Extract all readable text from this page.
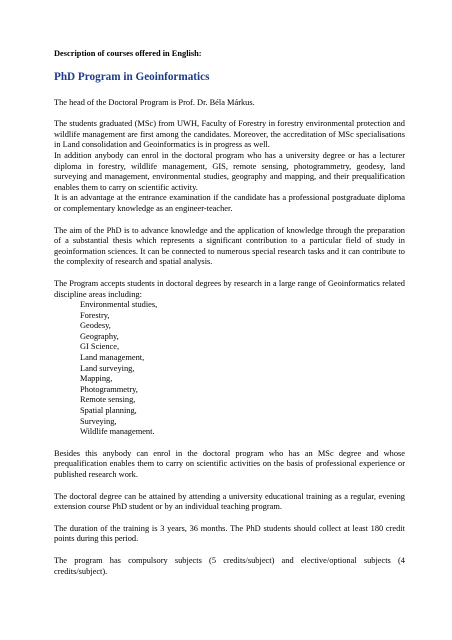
Description of courses offered in English:
PhD Program in Geoinformatics

The head of the Doctoral Program is Prof. Dr. Béla Márkus.

The students graduated (MSc) from UWH, Faculty of Forestry in forestry environmental protection and wildlife management are first among the candidates. Moreover, the accreditation of MSc specialisations in Land consolidation and Geoinformatics is in progress as well.

In addition anybody can enrol in the doctoral program who has a university degree or has a lecturer diploma in forestry, wildlife management, GIS, remote sensing, photogrammetry, geodesy, land surveying and management, environmental studies, geography and mapping, and their prequalification enables them to carry on scientific activity.

It is an advantage at the entrance examination if the candidate has a professional postgraduate diploma or complementary knowledge as an engineer-teacher.

The aim of the PhD is to advance knowledge and the application of knowledge through the preparation of a substantial thesis which represents a significant contribution to a particular field of study in geoinformation sciences. It can be connected to numerous special research tasks and it can contribute to the complexity of research and spatial analysis.

The Program accepts students in doctoral degrees by research in a large range of Geoinformatics related discipline areas including:

Environmental studies,
Forestry,
Geodesy,
Geography,
GI Science,
Land management,
Land surveying,
Mapping,
Photogrammetry,
Remote sensing,
Spatial planning,
Surveying,
Wildlife management.

Besides this anybody can enrol in the doctoral program who has an MSc degree and whose prequalification enables them to carry on scientific activities on the basis of professional experience or published research work.

The doctoral degree can be attained by attending a university educational training as a regular, evening extension course PhD student or by an individual teaching program.

The duration of the training is 3 years, 36 months. The PhD students should collect at least 180 credit points during this period.

The program has compulsory subjects (5 credits/subject) and elective/optional subjects (4 credits/subject).
